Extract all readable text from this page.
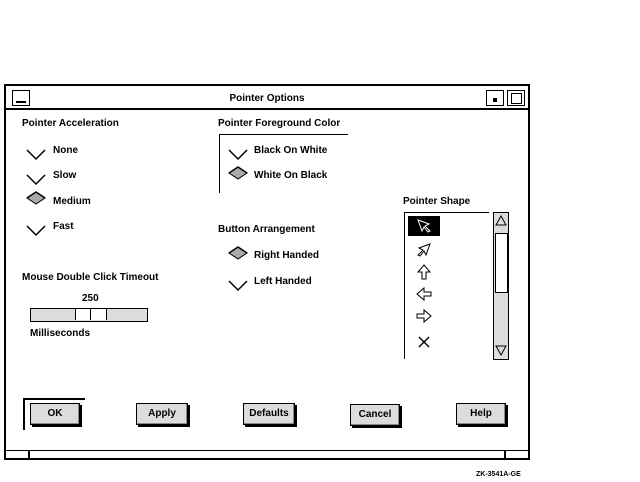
Pointer Options
Pointer Acceleration
None
Slow
Medium
Fast
Pointer Foreground Color
Black On White
White On Black
Button Arrangement
Right Handed
Left Handed
Mouse Double Click Timeout
250
Milliseconds
Pointer Shape
OK	Apply	Defaults	Cancel	Help
ZK-3541A-GE
